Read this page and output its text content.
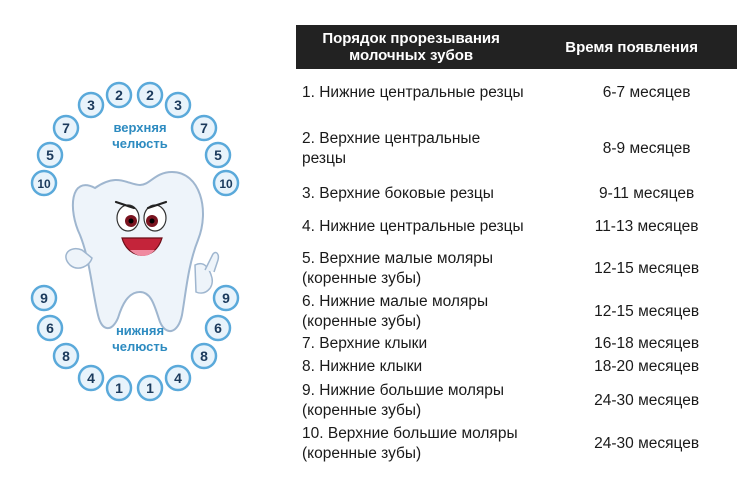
верхняя
челюсть
нижняя
челюсть
10
5
7
3
2 2
3
7
5
10
9
6
8
4
1 1
4
8
6
9
Порядок прорезывания молочных зубов	Время появления
1. Нижние центральные резцы	6-7 месяцев
2. Верхние центральные резцы	8-9 месяцев
3. Верхние боковые резцы	9-11 месяцев
4. Нижние центральные резцы	11-13 месяцев
5. Верхние малые моляры (коренные зубы)	12-15 месяцев
6. Нижние малые моляры (коренные зубы)	12-15 месяцев
7. Верхние клыки	16-18 месяцев
8. Нижние клыки	18-20 месяцев
9. Нижние большие моляры (коренные зубы)	24-30 месяцев
10. Верхние большие моляры (коренные зубы)	24-30 месяцев
